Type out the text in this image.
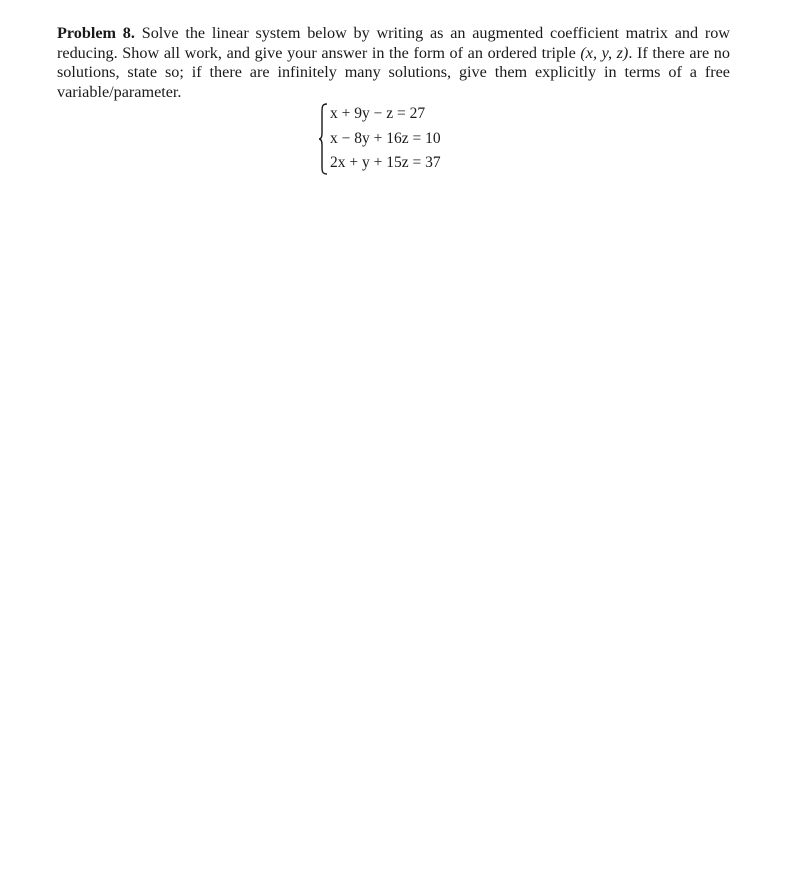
Problem 8. Solve the linear system below by writing as an augmented coefficient matrix and row reducing. Show all work, and give your answer in the form of an ordered triple (x, y, z). If there are no solutions, state so; if there are infinitely many solutions, give them explicitly in terms of a free variable/parameter.

x + 9y − z = 27
x − 8y + 16z = 10
2x + y + 15z = 37
